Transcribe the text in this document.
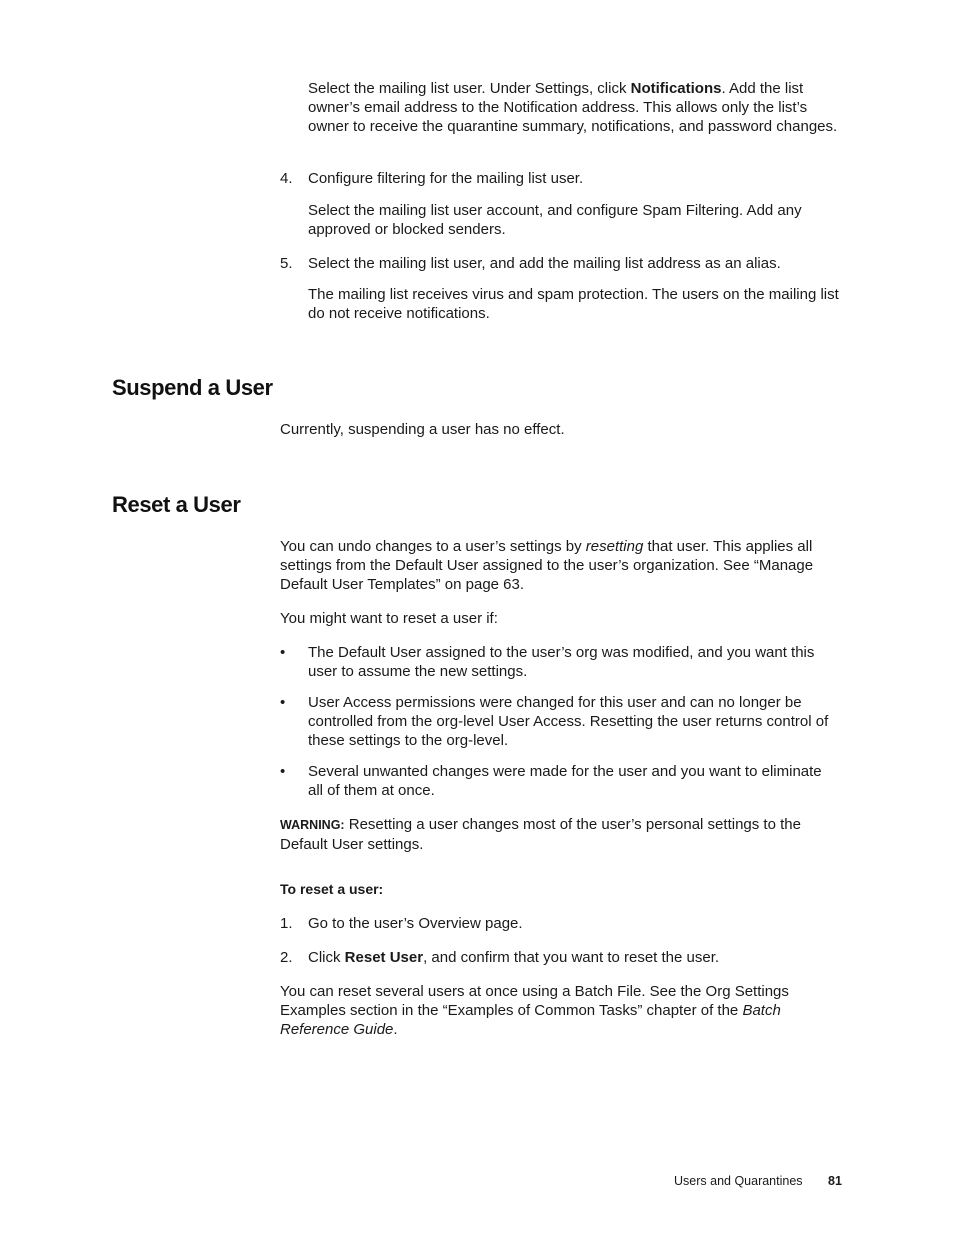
Select the mailing list user. Under Settings, click Notifications. Add the list owner’s email address to the Notification address. This allows only the list’s owner to receive the quarantine summary, notifications, and password changes.

4. Configure filtering for the mailing list user.

Select the mailing list user account, and configure Spam Filtering. Add any approved or blocked senders.

5. Select the mailing list user, and add the mailing list address as an alias.

The mailing list receives virus and spam protection. The users on the mailing list do not receive notifications.

Suspend a User

Currently, suspending a user has no effect.

Reset a User

You can undo changes to a user’s settings by resetting that user. This applies all settings from the Default User assigned to the user’s organization. See “Manage Default User Templates” on page 63.

You might want to reset a user if:

• The Default User assigned to the user’s org was modified, and you want this user to assume the new settings.

• User Access permissions were changed for this user and can no longer be controlled from the org-level User Access. Resetting the user returns control of these settings to the org-level.

• Several unwanted changes were made for the user and you want to eliminate all of them at once.

WARNING: Resetting a user changes most of the user’s personal settings to the Default User settings.

To reset a user:

1. Go to the user’s Overview page.

2. Click Reset User, and confirm that you want to reset the user.

You can reset several users at once using a Batch File. See the Org Settings Examples section in the “Examples of Common Tasks” chapter of the Batch Reference Guide.

Users and Quarantines 81
